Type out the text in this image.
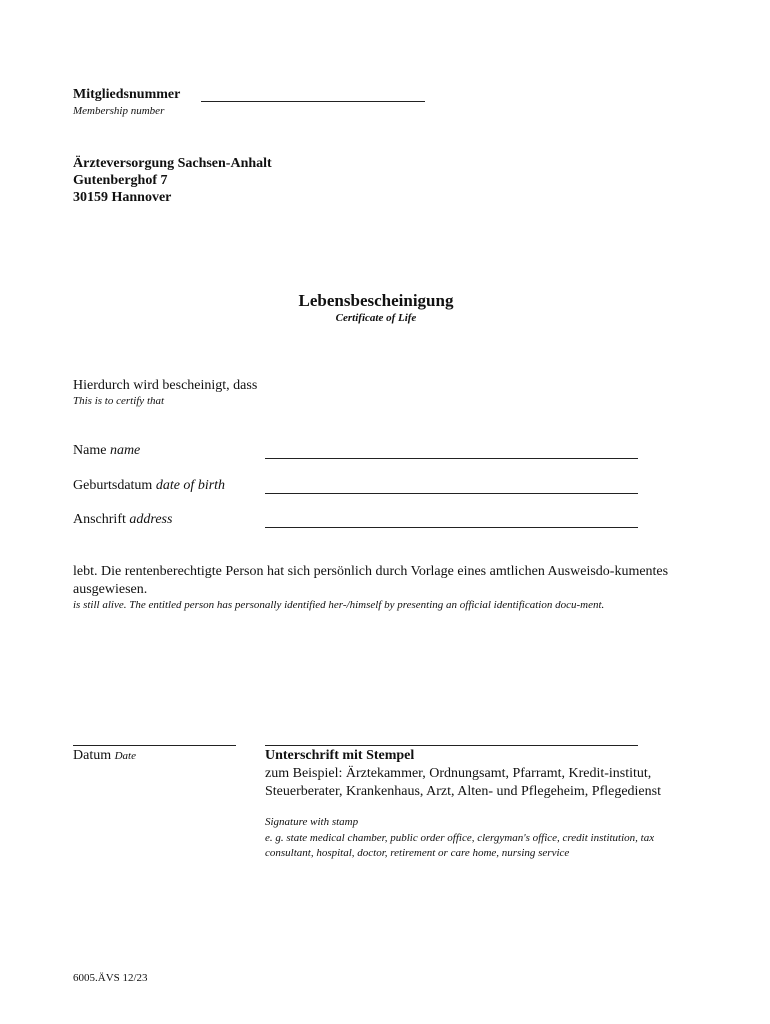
Mitgliedsnummer
Membership number
Ärzteversorgung Sachsen-Anhalt
Gutenberghof 7
30159 Hannover
Lebensbescheinigung
Certificate of Life
Hierdurch wird bescheinigt, dass
This is to certify that
Name name
Geburtsdatum date of birth
Anschrift address
lebt. Die rentenberechtigte Person hat sich persönlich durch Vorlage eines amtlichen Ausweisdo-kumentes ausgewiesen.
is still alive. The entitled person has personally identified her-/himself by presenting an official identification docu-ment.
Datum Date	Unterschrift mit Stempel
zum Beispiel: Ärztekammer, Ordnungsamt, Pfarramt, Kredit-institut, Steuerberater, Krankenhaus, Arzt, Alten- und Pflegeheim, Pflegedienst
Signature with stamp
e. g. state medical chamber, public order office, clergyman's office, credit institution, tax consultant, hospital, doctor, retirement or care home, nursing service
6005.ÄVS 12/23
